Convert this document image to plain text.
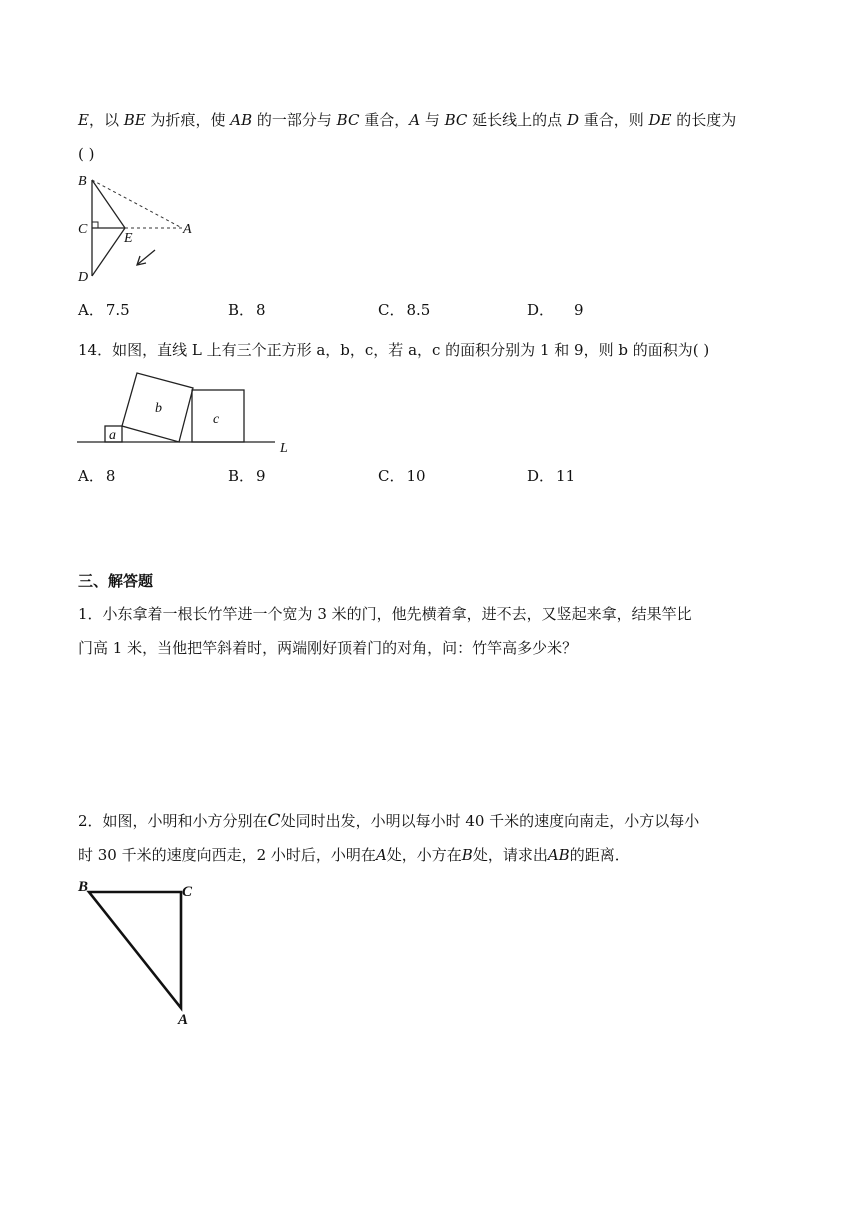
E，以 BE 为折痕，使 AB 的一部分与 BC 重合，A 与 BC 延长线上的点 D 重合，则 DE 的长度为
( )
B
C
E
A
D
A． 7.5	B． 8	C． 8.5	D． 9
14．如图，直线 L 上有三个正方形 a，b，c，若 a，c 的面积分别为 1 和 9，则 b 的面积为( )
a
b
c
L
A． 8	B． 9	C． 10	D． 11
三、解答题
1．小东拿着一根长竹竿进一个宽为 3 米的门，他先横着拿，进不去，又竖起来拿，结果竿比
门高 1 米，当他把竿斜着时，两端刚好顶着门的对角，问：竹竿高多少米？
2．如图，小明和小方分别在C处同时出发，小明以每小时 40 千米的速度向南走，小方以每小
时 30 千米的速度向西走，2 小时后，小明在A处，小方在B处，请求出AB的距离．
B	C
A
